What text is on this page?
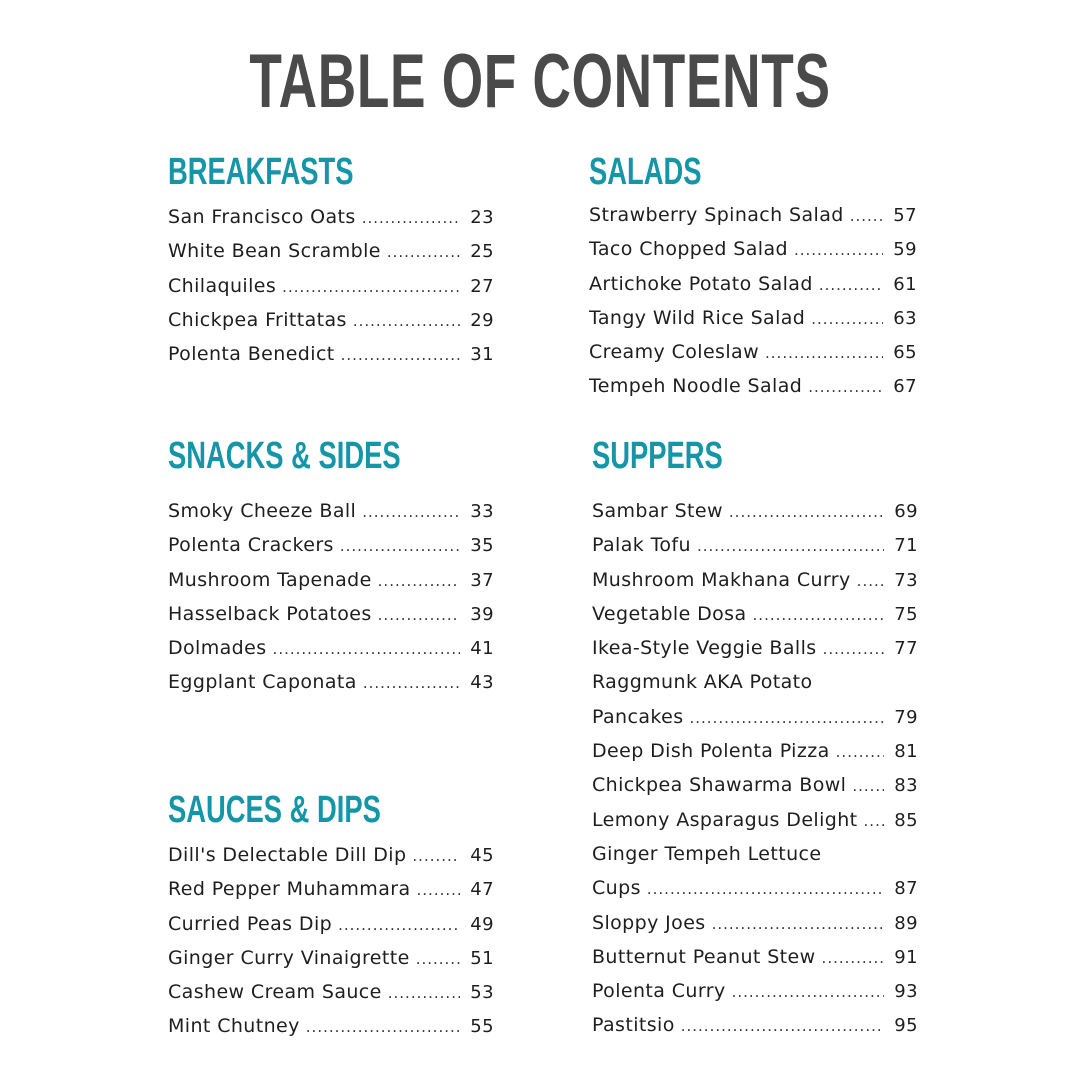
TABLE OF CONTENTS
BREAKFASTS
San Francisco Oats .....	23
White Bean Scramble .....	25
Chilaquiles .....	27
Chickpea Frittatas .....	29
Polenta Benedict .....	31
SALADS
Strawberry Spinach Salad .....	57
Taco Chopped Salad .....	59
Artichoke Potato Salad .....	61
Tangy Wild Rice Salad .....	63
Creamy Coleslaw .....	65
Tempeh Noodle Salad .....	67
SNACKS & SIDES
Smoky Cheeze Ball .....	33
Polenta Crackers .....	35
Mushroom Tapenade .....	37
Hasselback Potatoes .....	39
Dolmades .....	41
Eggplant Caponata .....	43
SUPPERS
Sambar Stew .....	69
Palak Tofu .....	71
Mushroom Makhana Curry .....	73
Vegetable Dosa .....	75
Ikea-Style Veggie Balls .....	77
Raggmunk AKA Potato
Pancakes .....	79
Deep Dish Polenta Pizza .....	81
Chickpea Shawarma Bowl .....	83
Lemony Asparagus Delight .....	85
Ginger Tempeh Lettuce
Cups .....	87
Sloppy Joes .....	89
Butternut Peanut Stew .....	91
Polenta Curry .....	93
Pastitsio .....	95
SAUCES & DIPS
Dill's Delectable Dill Dip .....	45
Red Pepper Muhammara .....	47
Curried Peas Dip .....	49
Ginger Curry Vinaigrette .....	51
Cashew Cream Sauce .....	53
Mint Chutney .....	55
